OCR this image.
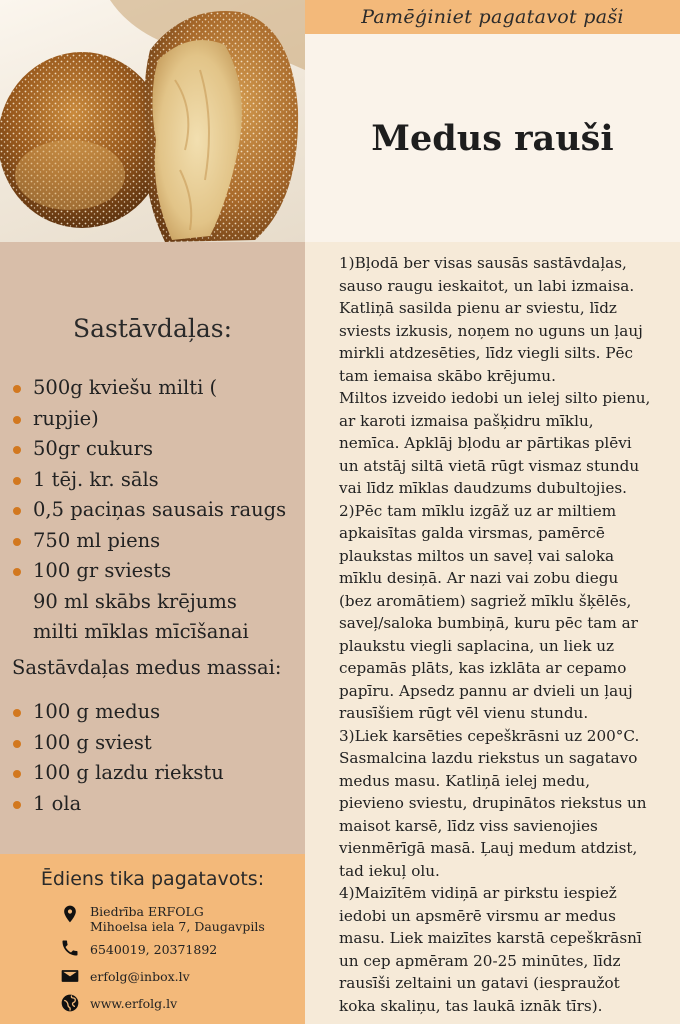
Pamēģiniet pagatavot paši
Medus rauši
Sastāvdaļas:
500g kviešu milti (
rupjie)
50gr cukurs
1 tēj. kr. sāls
0,5 paciņas sausais raugs
750 ml piens
100 gr sviests
90 ml skābs krējums
milti mīklas mīcīšanai
Sastāvdaļas medus massai:
100 g medus
100 g sviest
100 g lazdu riekstu
1 ola
Ēdiens tika pagatavots:
Biedrība ERFOLG
Mihoelsa iela 7, Daugavpils
6540019, 20371892
erfolg@inbox.lv
www.erfolg.lv
1)Bļodā ber visas sausās sastāvdaļas,
sauso raugu ieskaitot, un labi izmaisa.
Katliņā sasilda pienu ar sviestu, līdz
sviests izkusis, noņem no uguns un ļauj
mirkli atdzesēties, līdz viegli silts. Pēc
tam iemaisa skābo krējumu.
Miltos izveido iedobi un ielej silto pienu,
ar karoti izmaisa pašķidru mīklu,
nemīca. Apklāj bļodu ar pārtikas plēvi
un atstāj siltā vietā rūgt vismaz stundu
vai līdz mīklas daudzums dubultojies.
2)Pēc tam mīklu izgāž uz ar miltiem
apkaisītas galda virsmas, pamērcē
plaukstas miltos un saveļ vai saloka
mīklu desiņā. Ar nazi vai zobu diegu
(bez aromātiem) sagriež mīklu šķēlēs,
saveļ/saloka bumbiņā, kuru pēc tam ar
plaukstu viegli saplacina, un liek uz
cepamās plāts, kas izklāta ar cepamo
papīru. Apsedz pannu ar dvieli un ļauj
rausīšiem rūgt vēl vienu stundu.
3)Liek karsēties cepeškrāsni uz 200°C.
Sasmalcina lazdu riekstus un sagatavo
medus masu. Katliņā ielej medu,
pievieno sviestu, drupinātos riekstus un
maisot karsē, līdz viss savienojies
vienmērīgā masā. Ļauj medum atdzist,
tad iekuļ olu.
4)Maizītēm vidiņā ar pirkstu iespiež
iedobi un apsmērē virsmu ar medus
masu. Liek maizītes karstā cepeškrāsnī
un cep apmēram 20-25 minūtes, līdz
rausīši zeltaini un gatavi (iespraužot
koka skaliņu, tas laukā iznāk tīrs).
